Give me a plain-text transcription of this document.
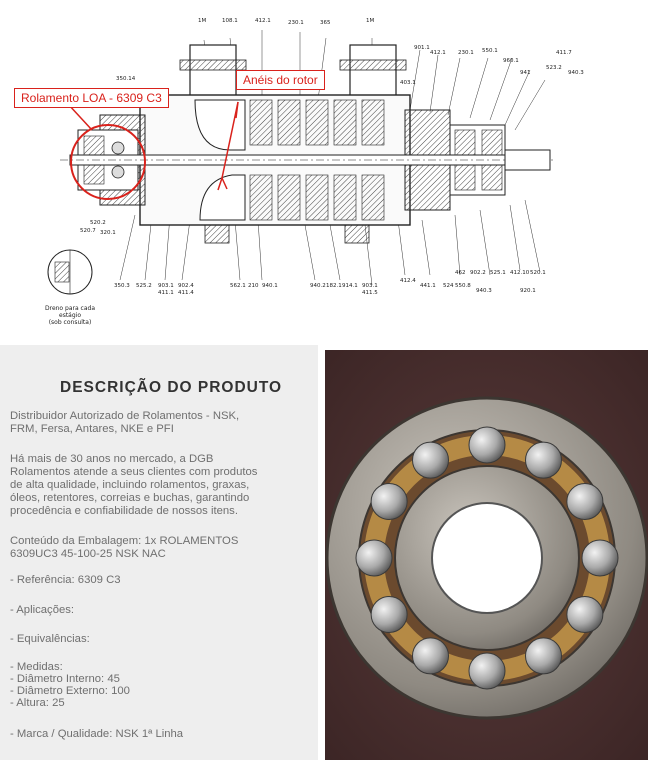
1M	108.1	412.1	230.1	365	1M
901.1	550.1
412.1
350.14
960.1
403.1
520.2
520.7 320.1
903.1
411.1
350.3 525.2	902.4
411.4
562.1 210 940.1	940.2 182.1 914.1 903.1
411.5
412.4
441.1 524 550.8
462 902.2 525.1 412.10 520.1
411.7
940.3
523.2
230.1
941
940.3	920.1
Rolamento LOA - 6309 C3
Anéis do rotor
Dreno para cada estágio
(sob consulta)
DESCRIÇÃO DO PRODUTO
Distribuidor Autorizado de Rolamentos - NSK,
FRM, Fersa, Antares, NKE e PFI
Há mais de 30 anos no mercado, a DGB
Rolamentos atende a seus clientes com produtos
de alta qualidade, incluindo rolamentos, graxas,
óleos, retentores, correias e buchas, garantindo
procedência e confiabilidade de nossos itens.
Conteúdo da Embalagem: 1x ROLAMENTOS
6309UC3 45-100-25 NSK NAC
- Referência: 6309 C3
- Aplicações:
- Equivalências:
- Medidas:
- Diâmetro Interno: 45
- Diâmetro Externo: 100
- Altura: 25
- Marca / Qualidade: NSK 1ª Linha
